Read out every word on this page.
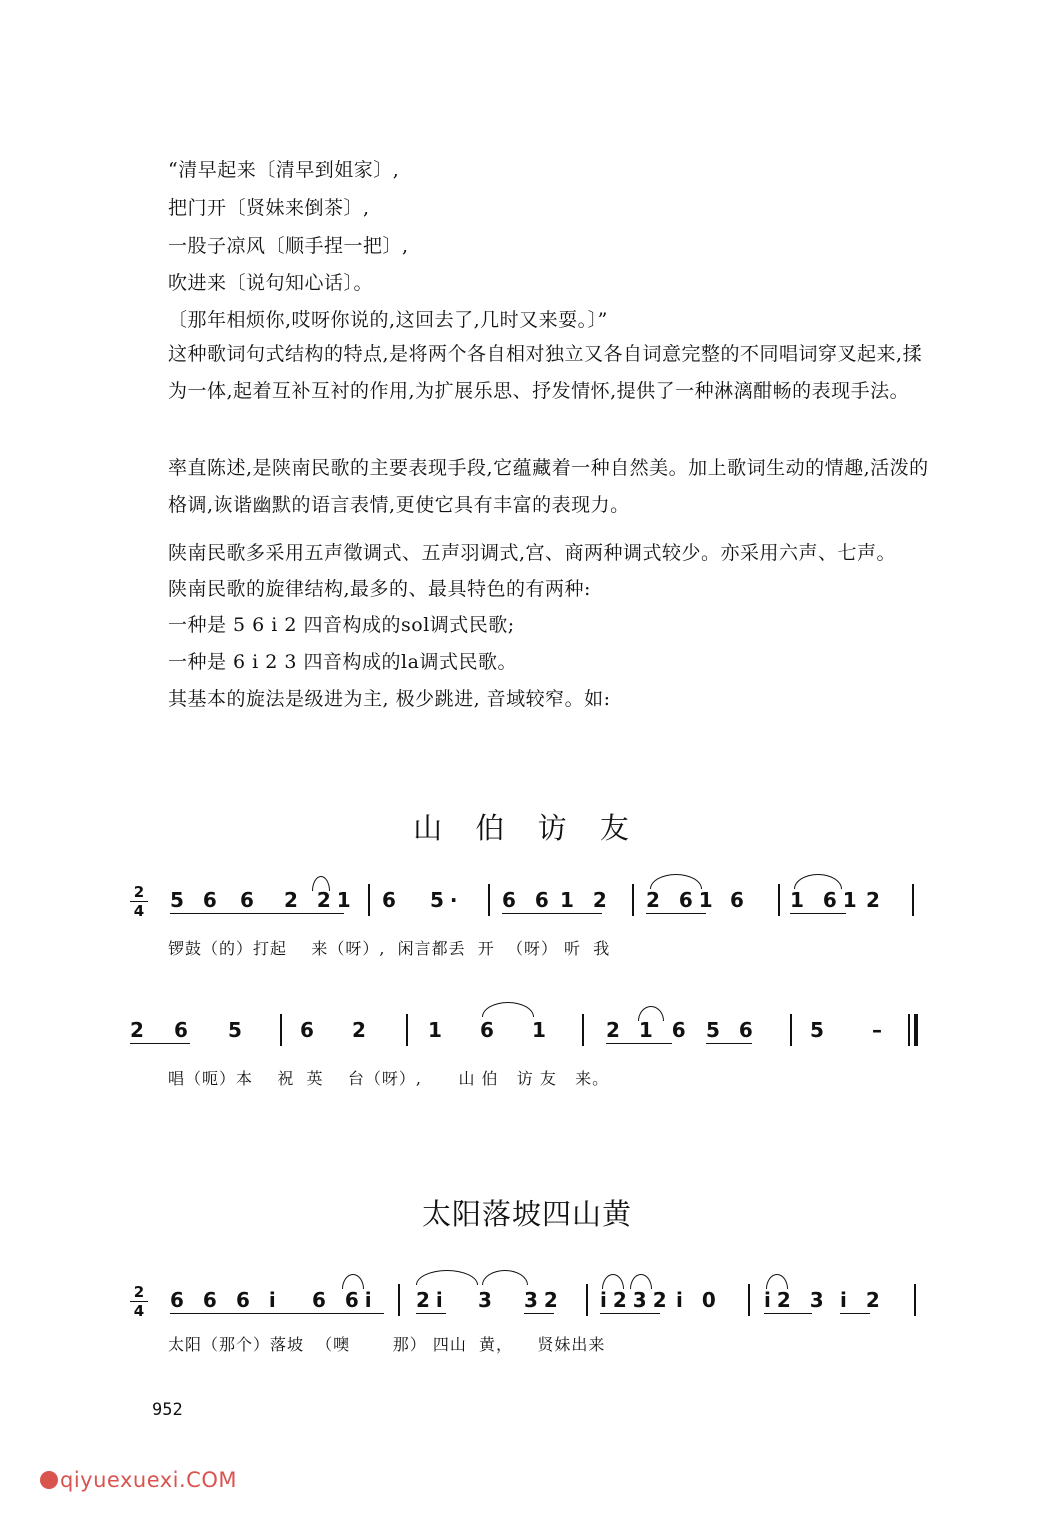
“清早起来〔清早到姐家〕,
把门开〔贤妹来倒茶〕,
一股子凉风〔顺手捏一把〕,
吹进来〔说句知心话〕。
〔那年相烦你,哎呀你说的,这回去了,几时又来耍。〕”
这种歌词句式结构的特点,是将两个各自相对独立又各自词意完整的不同唱词穿叉起来,揉为一体,起着互补互衬的作用,为扩展乐思、抒发情怀,提供了一种淋漓酣畅的表现手法。
率直陈述,是陕南民歌的主要表现手段,它蕴藏着一种自然美。加上歌词生动的情趣,活泼的格调,诙谐幽默的语言表情,更使它具有丰富的表现力。
陕南民歌多采用五声徵调式、五声羽调式,宫、商两种调式较少。亦采用六声、七声。
陕南民歌的旋律结构,最多的、最具特色的有两种:
一种是 5 6 i 2 四音构成的sol调式民歌;
一种是 6 i 2 3 四音构成的la调式民歌。
其基本的旋法是级进为主, 极少跳进, 音域较窄。如:
山 伯 访 友
2
4 5 6 6 2 21 6 5· 6 6 1 2 2 61 6 1 61 2
锣鼓（的）打起    来（呀）,  闲言都丢  开  （呀） 听  我
2 6 5	6 2	1 6 1	2 1 6 5 6	5 –
唱（呃）本    祝  英    台（呀）,      山 伯   访 友   来。
太阳落坡四山黄
2
4 6 6 6 i 6 6i 2i 3 32 i232 i 0 i2 3 i 2
太阳（那个）落坡  （噢       那） 四山  黄，    贤妹出来
952
qiyuexuexi.COM
